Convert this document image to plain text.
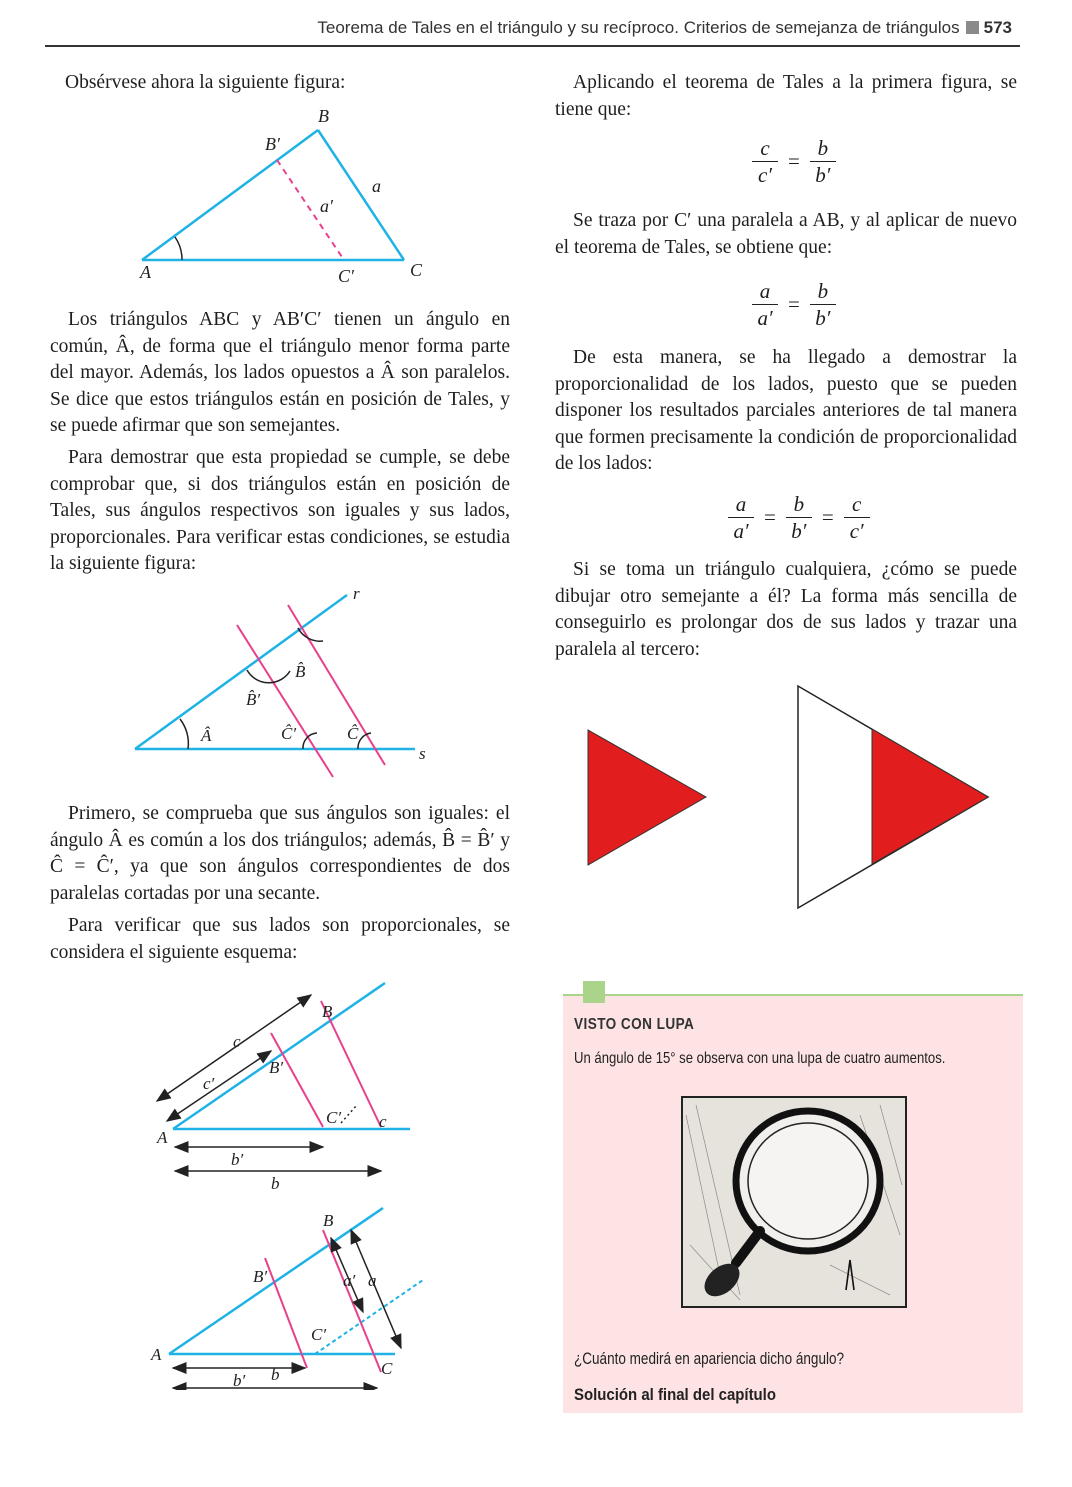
Teorema de Tales en el triángulo y su recíproco. Criterios de semejanza de triángulos 573

Obsérvese ahora la siguiente figura:

A
B
B′
C
C′
a
a′

Los triángulos ABC y AB′C′ tienen un ángulo en común, Â, de forma que el triángulo menor forma parte del mayor. Además, los lados opuestos a Â son paralelos. Se dice que estos triángulos están en posición de Tales, y se puede afirmar que son semejantes.

Para demostrar que esta propiedad se cumple, se debe comprobar que, si dos triángulos están en posición de Tales, sus ángulos respectivos son iguales y sus lados, proporcionales. Para verificar estas condiciones, se estudia la siguiente figura:

r
s
Â
B̂
B̂′
Ĉ′	Ĉ

Primero, se comprueba que sus ángulos son iguales: el ángulo Â es común a los dos triángulos; además, B̂ = B̂′ y Ĉ = Ĉ′, ya que son ángulos correspondientes de dos paralelas cortadas por una secante.

Para verificar que sus lados son proporcionales, se considera el siguiente esquema:

A
B
B′
C′ c
c
c′
b′
b
A
B
B′
C′
C
a′ a
b′ b

Aplicando el teorema de Tales a la primera figura, se tiene que:

c
c′
=
b
b′

Se traza por C′ una paralela a AB, y al aplicar de nuevo el teorema de Tales, se obtiene que:

a
a′
=
b
b′

De esta manera, se ha llegado a demostrar la proporcionalidad de los lados, puesto que se pueden disponer los resultados parciales anteriores de tal manera que formen precisamente la condición de proporcionalidad de los lados:

a
a′
=
b
b′
=
c
c′

Si se toma un triángulo cualquiera, ¿cómo se puede dibujar otro semejante a él? La forma más sencilla de conseguirlo es prolongar dos de sus lados y trazar una paralela al tercero:

VISTO CON LUPA
Un ángulo de 15° se observa con una lupa de cuatro aumentos.
¿Cuánto medirá en apariencia dicho ángulo?
Solución al final del capítulo
